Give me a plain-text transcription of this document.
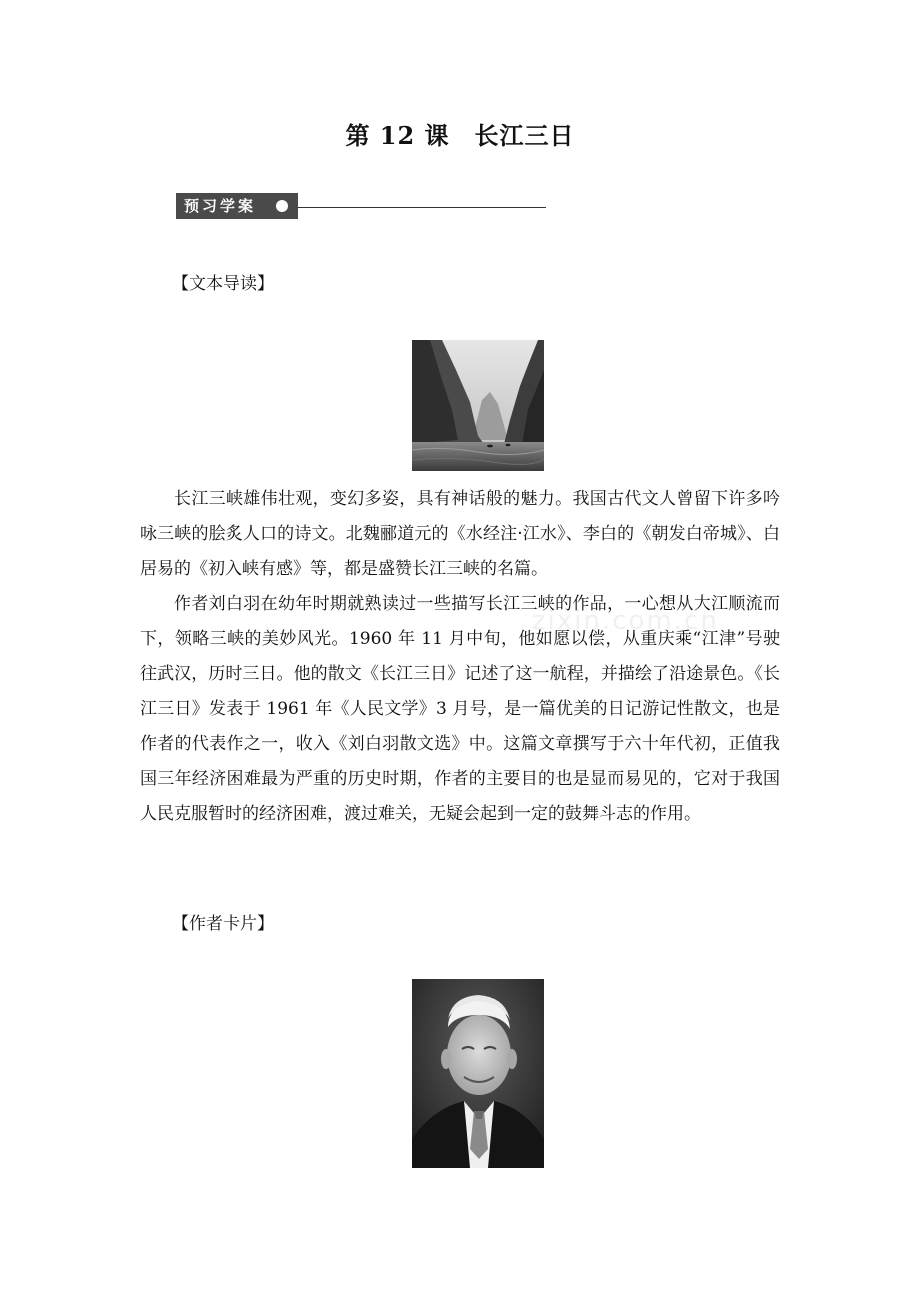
第 12 课　长江三日
预习学案
【文本导读】

长江三峡雄伟壮观，变幻多姿，具有神话般的魅力。我国古代文人曾留下许多吟咏三峡的脍炙人口的诗文。北魏郦道元的《水经注·江水》、李白的《朝发白帝城》、白居易的《初入峡有感》等，都是盛赞长江三峡的名篇。

作者刘白羽在幼年时期就熟读过一些描写长江三峡的作品，一心想从大江顺流而下，领略三峡的美妙风光。1960 年 11 月中旬，他如愿以偿，从重庆乘“江津”号驶往武汉，历时三日。他的散文《长江三日》记述了这一航程，并描绘了沿途景色。《长江三日》发表于 1961 年《人民文学》3 月号，是一篇优美的日记游记性散文，也是作者的代表作之一，收入《刘白羽散文选》中。这篇文章撰写于六十年代初，正值我国三年经济困难最为严重的历史时期，作者的主要目的也是显而易见的，它对于我国人民克服暂时的经济困难，渡过难关，无疑会起到一定的鼓舞斗志的作用。

zixin.com.cn
【作者卡片】
